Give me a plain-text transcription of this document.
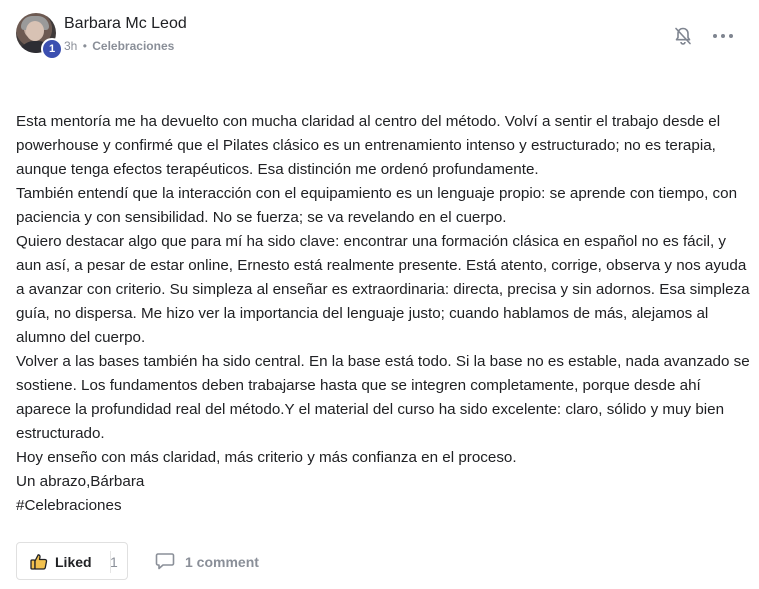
1
Barbara Mc Leod
3h • Celebraciones

Esta mentoría me ha devuelto con mucha claridad al centro del método. Volví a sentir el trabajo desde el powerhouse y confirmé que el Pilates clásico es un entrenamiento intenso y estructurado; no es terapia, aunque tenga efectos terapéuticos. Esa distinción me ordenó profundamente.

También entendí que la interacción con el equipamiento es un lenguaje propio: se aprende con tiempo, con paciencia y con sensibilidad. No se fuerza; se va revelando en el cuerpo.

Quiero destacar algo que para mí ha sido clave: encontrar una formación clásica en español no es fácil, y aun así, a pesar de estar online, Ernesto está realmente presente. Está atento, corrige, observa y nos ayuda a avanzar con criterio. Su simpleza al enseñar es extraordinaria: directa, precisa y sin adornos. Esa simpleza guía, no dispersa. Me hizo ver la importancia del lenguaje justo; cuando hablamos de más, alejamos al alumno del cuerpo.

Volver a las bases también ha sido central. En la base está todo. Si la base no es estable, nada avanzado se sostiene. Los fundamentos deben trabajarse hasta que se integren completamente, porque desde ahí aparece la profundidad real del método.Y el material del curso ha sido excelente: claro, sólido y muy bien estructurado.

Hoy enseño con más claridad, más criterio y más confianza en el proceso.

Un abrazo,Bárbara

#Celebraciones

Liked 1	1 comment
